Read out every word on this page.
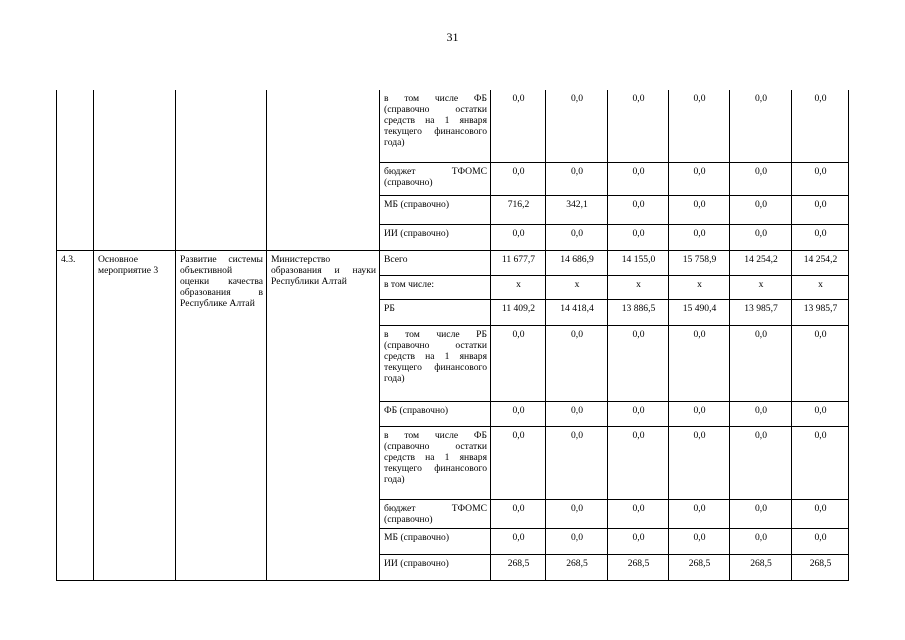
31
				в том числе ФБ (справочно остатки средств на 1 января текущего финансового года)	0,0	0,0	0,0	0,0	0,0	0,0
				бюджет ТФОМС (справочно)	0,0	0,0	0,0	0,0	0,0	0,0
				МБ (справочно)	716,2	342,1	0,0	0,0	0,0	0,0
				ИИ (справочно)	0,0	0,0	0,0	0,0	0,0	0,0
4.3.	Основное мероприятие 3	Развитие системы объективной оценки качества образования в Республике Алтай	Министерство образования и науки Республики Алтай	Всего	11 677,7	14 686,9	14 155,0	15 758,9	14 254,2	14 254,2
				в том числе:	x	x	x	x	x	x
				РБ	11 409,2	14 418,4	13 886,5	15 490,4	13 985,7	13 985,7
				в том числе РБ (справочно остатки средств на 1 января текущего финансового года)	0,0	0,0	0,0	0,0	0,0	0,0
				ФБ (справочно)	0,0	0,0	0,0	0,0	0,0	0,0
				в том числе ФБ (справочно остатки средств на 1 января текущего финансового года)	0,0	0,0	0,0	0,0	0,0	0,0
				бюджет ТФОМС (справочно)	0,0	0,0	0,0	0,0	0,0	0,0
				МБ (справочно)	0,0	0,0	0,0	0,0	0,0	0,0
				ИИ (справочно)	268,5	268,5	268,5	268,5	268,5	268,5
